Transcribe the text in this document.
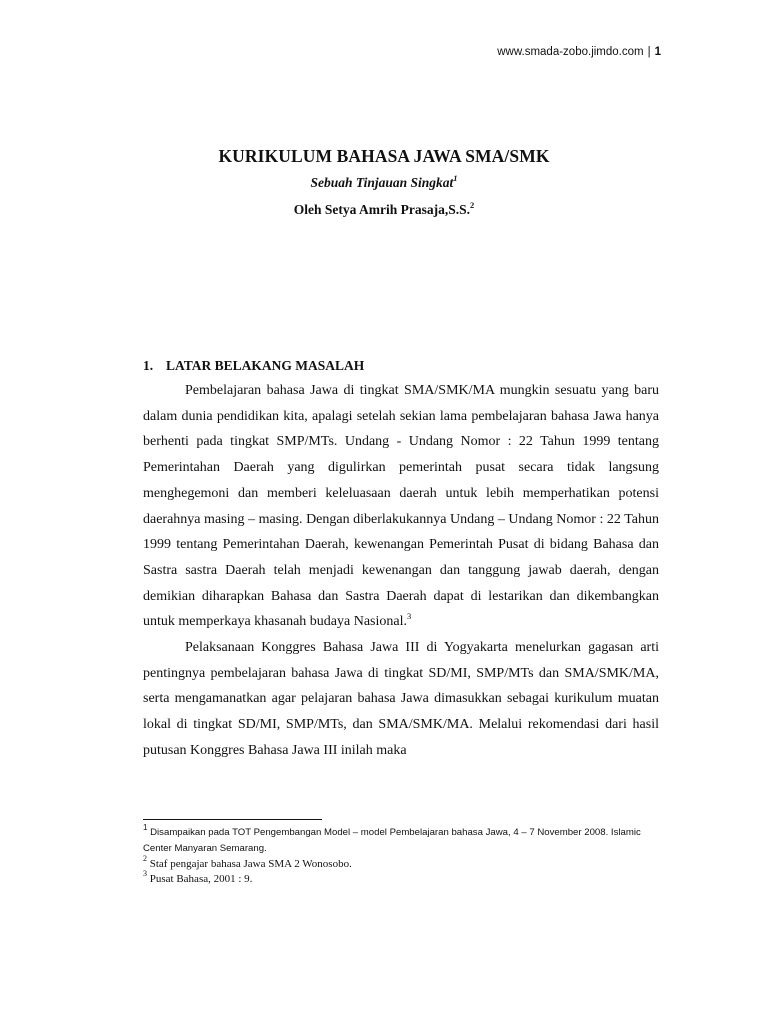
www.smada-zobo.jimdo.com | 1
KURIKULUM BAHASA JAWA SMA/SMK
Sebuah Tinjauan Singkat$^1$
Oleh Setya Amrih Prasaja,S.S.$^2$
1. LATAR BELAKANG MASALAH

Pembelajaran bahasa Jawa di tingkat SMA/SMK/MA mungkin sesuatu yang baru dalam dunia pendidikan kita, apalagi setelah sekian lama pembelajaran bahasa Jawa hanya berhenti pada tingkat SMP/MTs. Undang - Undang Nomor : 22 Tahun 1999 tentang Pemerintahan Daerah yang digulirkan pemerintah pusat secara tidak langsung menghegemoni dan memberi keleluasaan daerah untuk lebih memperhatikan potensi daerahnya masing – masing. Dengan diberlakukannya Undang – Undang Nomor : 22 Tahun 1999 tentang Pemerintahan Daerah, kewenangan Pemerintah Pusat di bidang Bahasa dan Sastra sastra Daerah telah menjadi kewenangan dan tanggung jawab daerah, dengan demikian diharapkan Bahasa dan Sastra Daerah dapat di lestarikan dan dikembangkan untuk memperkaya khasanah budaya Nasional.$^3$

Pelaksanaan Konggres Bahasa Jawa III di Yogyakarta menelurkan gagasan arti pentingnya pembelajaran bahasa Jawa di tingkat SD/MI, SMP/MTs dan SMA/SMK/MA, serta mengamanatkan agar pelajaran bahasa Jawa dimasukkan sebagai kurikulum muatan lokal di tingkat SD/MI, SMP/MTs, dan SMA/SMK/MA. Melalui rekomendasi dari hasil putusan Konggres Bahasa Jawa III inilah maka

$^1$ Disampaikan pada TOT Pengembangan Model – model Pembelajaran bahasa Jawa, 4 – 7 November 2008. Islamic Center Manyaran Semarang.
$^2$ Staf pengajar bahasa Jawa SMA 2 Wonosobo.
$^3$ Pusat Bahasa, 2001 : 9.
